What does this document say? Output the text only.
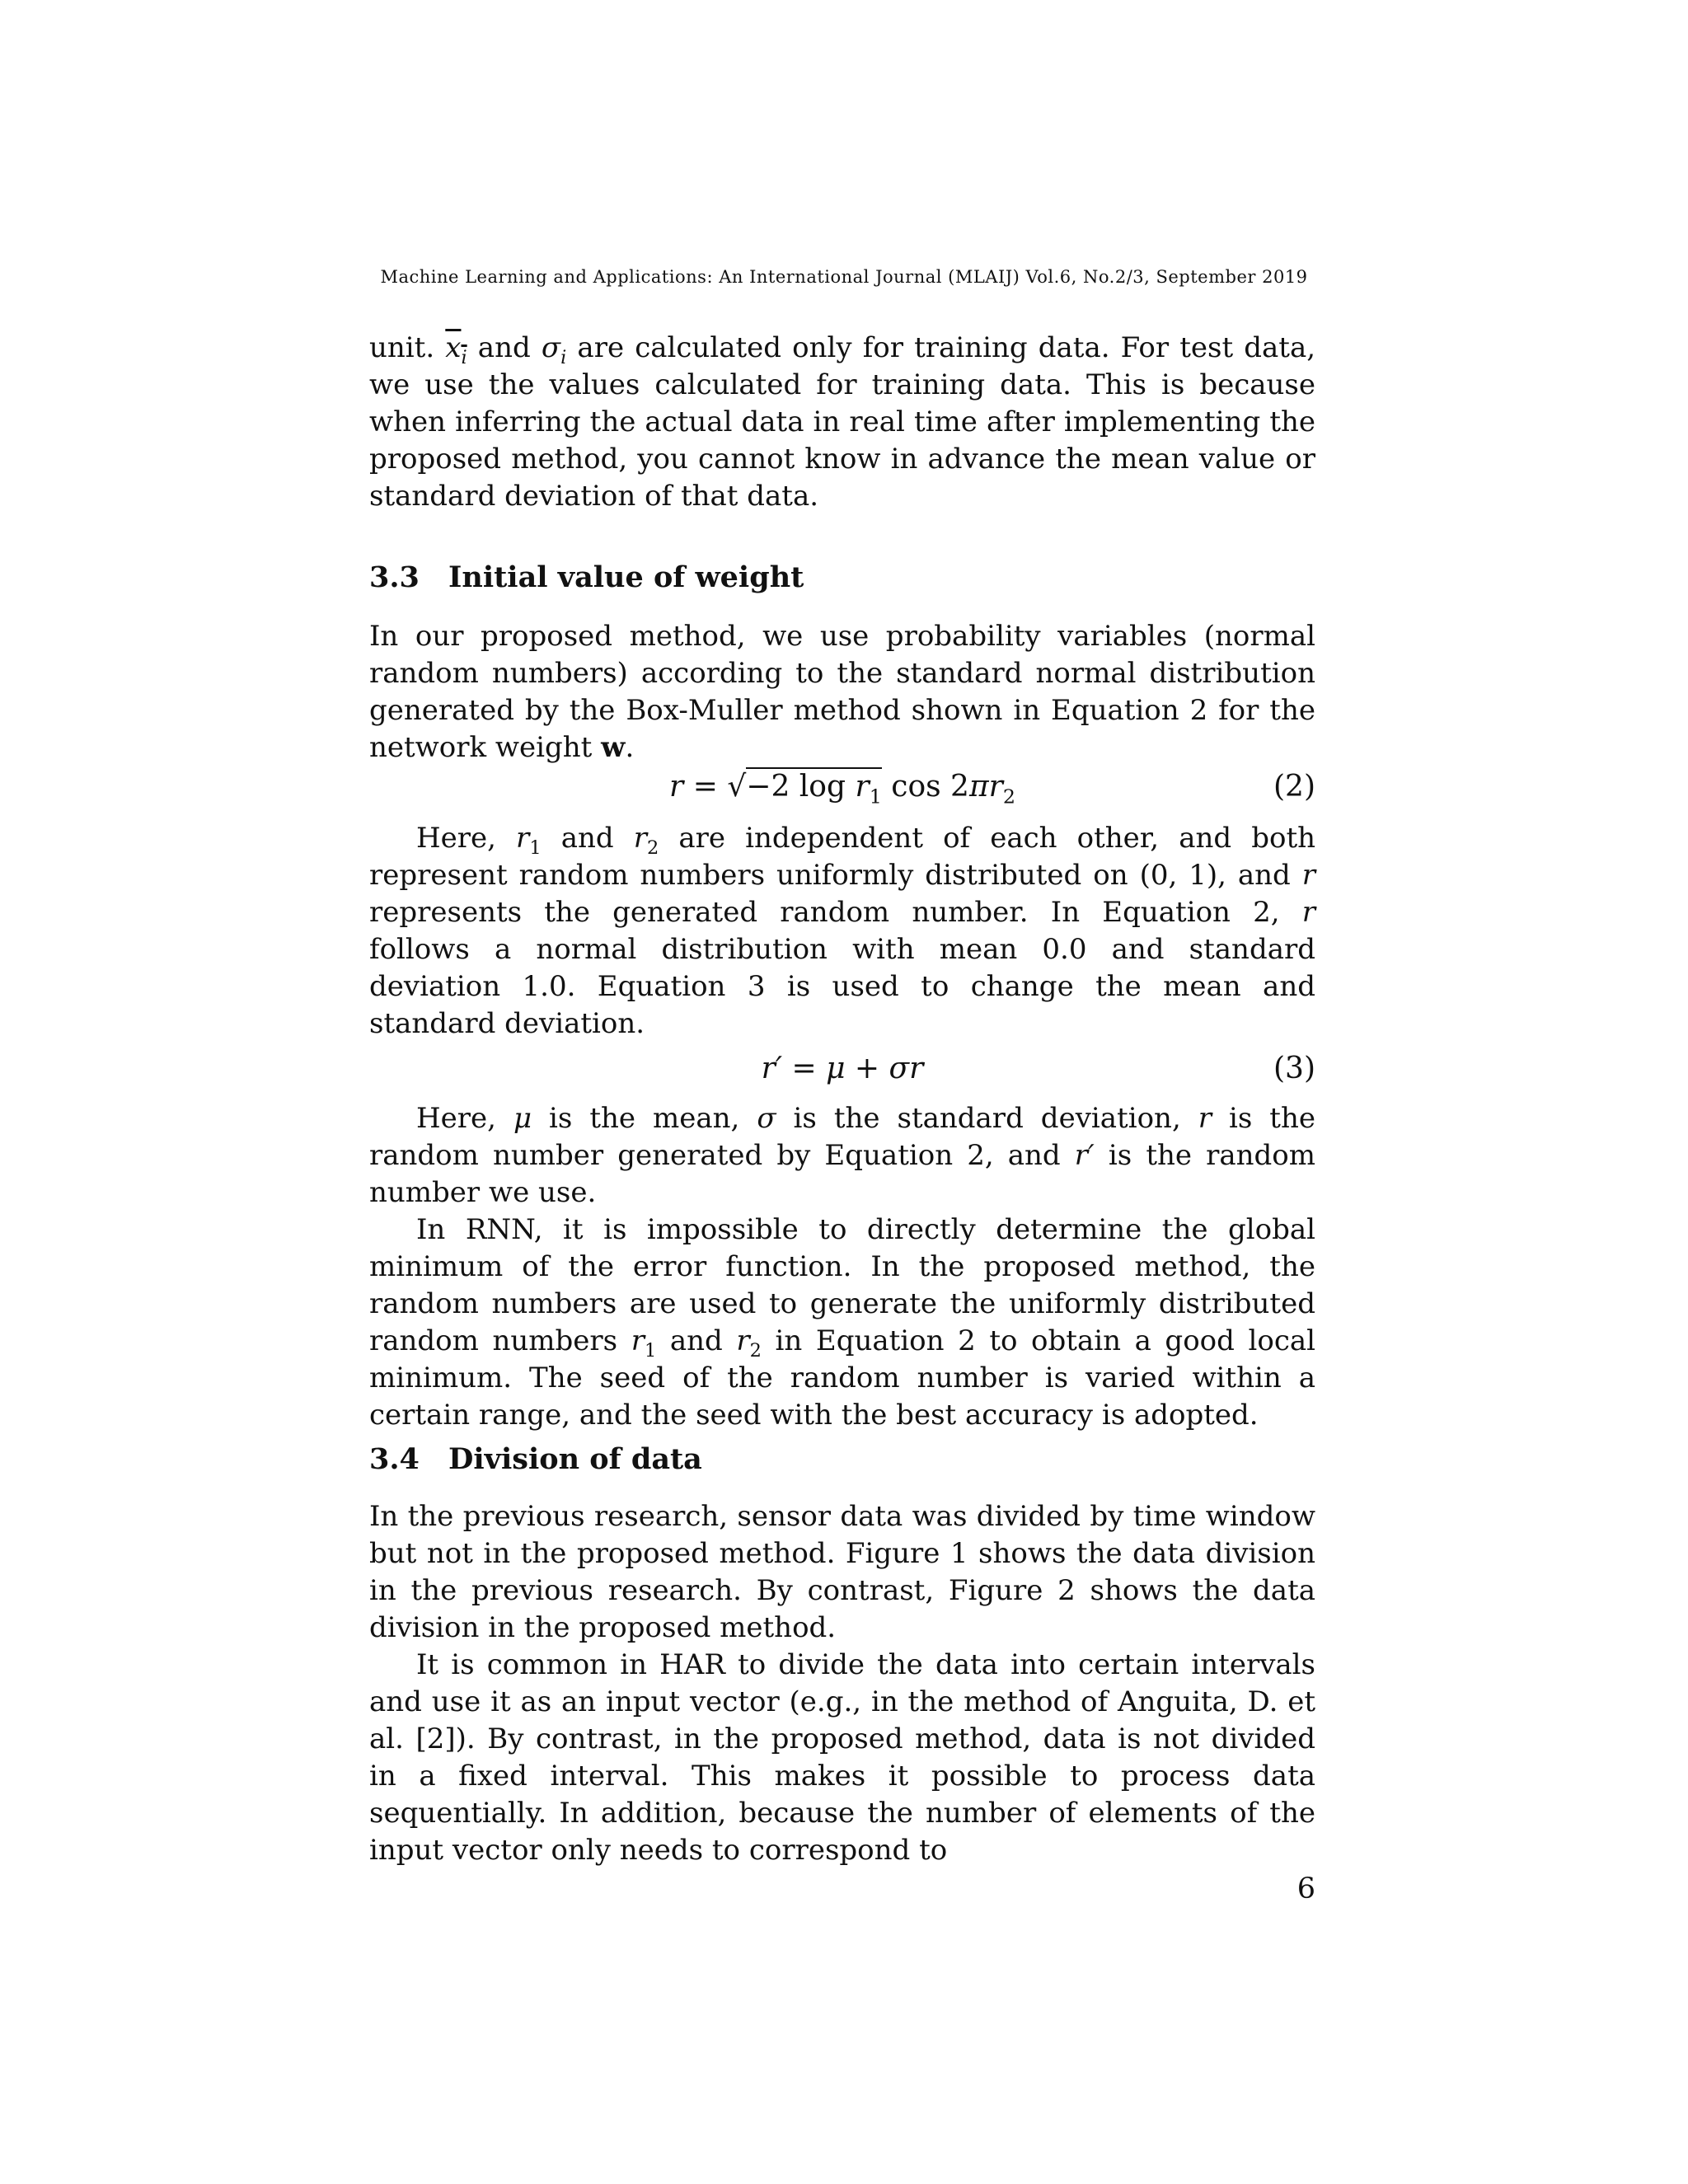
Machine Learning and Applications: An International Journal (MLAIJ) Vol.6, No.2/3, September 2019

unit. $x_i$ and $\sigma_i$ are calculated only for training data. For test data, we use the values calculated for training data. This is because when inferring the actual data in real time after implementing the proposed method, you cannot know in advance the mean value or standard deviation of that data.

3.3 Initial value of weight

In our proposed method, we use probability variables (normal random numbers) according to the standard normal distribution generated by the Box-Muller method shown in Equation 2 for the network weight w.

r = √−2 $\log r_1$ $\cos 2\pi r_2$	(2)

Here, $r_1$ and $r_2$ are independent of each other, and both represent random numbers uniformly distributed on (0, 1), and r represents the generated random number. In Equation 2, r follows a normal distribution with mean 0.0 and standard deviation 1.0. Equation 3 is used to change the mean and standard deviation.

r′ = μ + σr	(3)

Here, μ is the mean, σ is the standard deviation, r is the random number generated by Equation 2, and r′ is the random number we use.

In RNN, it is impossible to directly determine the global minimum of the error function. In the proposed method, the random numbers are used to generate the uniformly distributed random numbers $r_1$ and $r_2$ in Equation 2 to obtain a good local minimum. The seed of the random number is varied within a certain range, and the seed with the best accuracy is adopted.

3.4 Division of data

In the previous research, sensor data was divided by time window but not in the proposed method. Figure 1 shows the data division in the previous research. By contrast, Figure 2 shows the data division in the proposed method.

It is common in HAR to divide the data into certain intervals and use it as an input vector (e.g., in the method of Anguita, D. et al. [2]). By contrast, in the proposed method, data is not divided in a fixed interval. This makes it possible to process data sequentially. In addition, because the number of elements of the input vector only needs to correspond to

6
